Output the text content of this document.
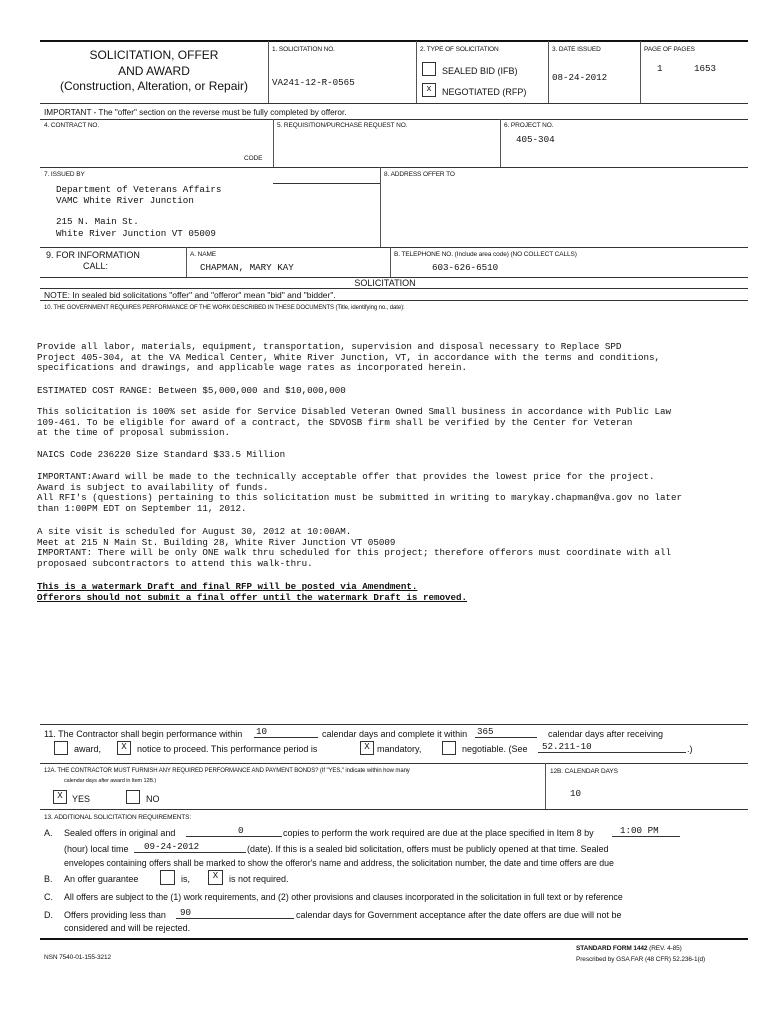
SOLICITATION, OFFER
AND AWARD
(Construction, Alteration, or Repair)
1. SOLICITATION NO.
VA241-12-R-0565
2. TYPE OF SOLICITATION
SEALED BID (IFB)
x	NEGOTIATED (RFP)
3. DATE ISSUED
08-24-2012
PAGE OF PAGES
1	1653
IMPORTANT - The "offer" section on the reverse must be fully completed by offeror.
4. CONTRACT NO.
CODE
5. REQUISITION/PURCHASE REQUEST NO.	6. PROJECT NO.
405-304
7. ISSUED BY
Department of Veterans Affairs
VAMC White River Junction
215 N. Main St.
White River Junction VT 05009
8. ADDRESS OFFER TO
9. FOR INFORMATION
CALL:
A. NAME
CHAPMAN, MARY KAY
B. TELEPHONE NO. (Include area code) (NO COLLECT CALLS)
603-626-6510
SOLICITATION
NOTE: In sealed bid solicitations "offer" and "offeror" mean "bid" and "bidder".
10. THE GOVERNMENT REQUIRES PERFORMANCE OF THE WORK DESCRIBED IN THESE DOCUMENTS (Title, identifying no., date):
Provide all labor, materials, equipment, transportation, supervision and disposal necessary to Replace SPD
Project 405-304, at the VA Medical Center, White River Junction, VT, in accordance with the terms and conditions,
specifications and drawings, and applicable wage rates as incorporated herein.
ESTIMATED COST RANGE: Between $5,000,000 and $10,000,000
This solicitation is 100% set aside for Service Disabled Veteran Owned Small business in accordance with Public Law
109-461. To be eligible for award of a contract, the SDVOSB firm shall be verified by the Center for Veteran
at the time of proposal submission.
NAICS Code 236220 Size Standard $33.5 Million
IMPORTANT:Award will be made to the technically acceptable offer that provides the lowest price for the project.
Award is subject to availability of funds.
All RFI's (questions) pertaining to this solicitation must be submitted in writing to marykay.chapman@va.gov no later
than 1:00PM EDT on September 11, 2012.
A site visit is scheduled for August 30, 2012 at 10:00AM.
Meet at 215 N Main St. Building 28, White River Junction VT 05009
IMPORTANT: There will be only ONE walk thru scheduled for this project; therefore offerors must coordinate with all
proposaed subcontractors to attend this walk-thru.
This is a watermark Draft and final RFP will be posted via Amendment.
Offerors should not submit a final offer until the watermark Draft is removed.
11. The Contractor shall begin performance within 10	calendar days and complete it within 365	calendar days after receiving
award,	X	notice to proceed. This performance period is	X mandatory,	negotiable. (See 52.211-10	.)
12A. THE CONTRACTOR MUST FURNISH ANY REQUIRED PERFORMANCE AND PAYMENT BONDS? (If "YES," indicate within how many
calendar days after award in Item 12B.)
X	YES	NO
12B. CALENDAR DAYS
10
13. ADDITIONAL SOLICITATION REQUIREMENTS:
A. Sealed offers in original and	0	copies to perform the work required are due at the place specified in Item 8 by	1:00 PM
(hour) local time 09-24-2012	(date). If this is a sealed bid solicitation, offers must be publicly opened at that time. Sealed
envelopes containing offers shall be marked to show the offeror's name and address, the solicitation number, the date and time offers are due
B. An offer guarantee	is,	X	is not required.
C. All offers are subject to the (1) work requirements, and (2) other provisions and clauses incorporated in the solicitation in full text or by reference
D. Offers providing less than 90	calendar days for Government acceptance after the date offers are due will not be
considered and will be rejected.
NSN 7540-01-155-3212
STANDARD FORM 1442 (REV. 4-85)
Prescribed by GSA FAR (48 CFR) 52.236-1(d)
